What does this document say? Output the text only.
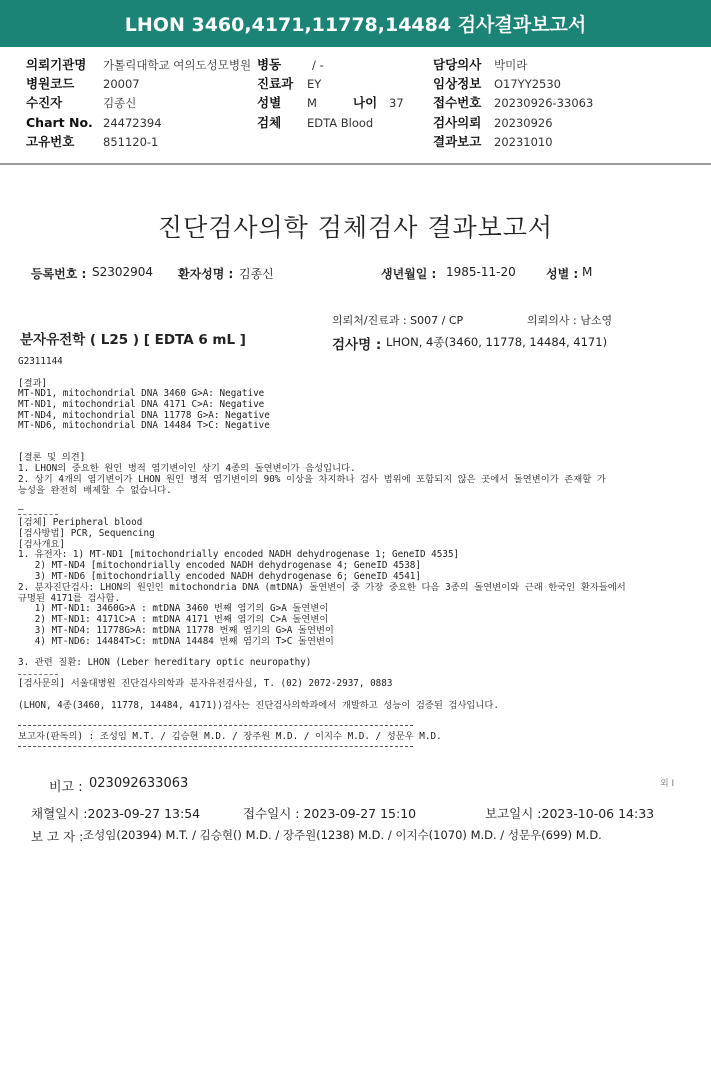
LHON 3460,4171,11778,14484 검사결과보고서
의뢰기관명 가톨릭대학교 여의도성모병원 병동	/ -	담당의사 박미라
병원코드 20007	진료과 EY	임상정보 O17YY2530
수진자	김종신	성별 M	나이 37 접수번호 20230926-33063
Chart No. 24472394	검체 EDTA Blood	검사의뢰 20230926
고유번호 851120-1	결과보고 20231010
진단검사의학 검체검사 결과보고서
등록번호 : S2302904 환자성명 : 김종신	생년월일 : 1985-11-20	성별 : M
의뢰처/진료과 : S007 / CP	의뢰의사 : 남소영
분자유전학 ( L25 ) [ EDTA 6 mL ]	검사명 : LHON, 4종(3460, 11778, 14484, 4171)
G2311144
[결과]
MT-ND1, mitochondrial DNA 3460 G>A: Negative
MT-ND1, mitochondrial DNA 4171 C>A: Negative
MT-ND4, mitochondrial DNA 11778 G>A: Negative
MT-ND6, mitochondrial DNA 14484 T>C: Negative
[결론 및 의견]
1. LHON의 중요한 원인 병적 염기변이인 상기 4종의 돌연변이가 음성입니다.
2. 상기 4개의 염기변이가 LHON 원인 병적 염기변이의 90% 이상을 차지하나 검사 범위에 포함되지 않은 곳에서 돌연변이가 존재할 가
능성을 완전히 배제할 수 없습니다.
—
[검체] Peripheral blood
[검사방법] PCR, Sequencing
[검사개요]
1. 유전자: 1) MT-ND1 [mitochondrially encoded NADH dehydrogenase 1; GeneID 4535]
2) MT-ND4 [mitochondrially encoded NADH dehydrogenase 4; GeneID 4538]
3) MT-ND6 [mitochondrially encoded NADH dehydrogenase 6; GeneID 4541]
2. 분자진단검사: LHON의 원인인 mitochondria DNA (mtDNA) 돌연변이 중 가장 중요한 다음 3종의 돌연변이와 근래 한국인 환자들에서
규명된 4171를 검사함.
1) MT-ND1: 3460G>A : mtDNA 3460 번째 염기의 G>A 돌연변이
2) MT-ND1: 4171C>A : mtDNA 4171 번째 염기의 C>A 돌연변이
3) MT-ND4: 11778G>A: mtDNA 11778 번째 염기의 G>A 돌연변이
4) MT-ND6: 14484T>C: mtDNA 14484 번째 염기의 T>C 돌연변이
3. 관련 질환: LHON (Leber hereditary optic neuropathy)
[검사문의] 서울대병원 진단검사의학과 분자유전검사실, T. (02) 2072-2937, 0883
(LHON, 4종(3460, 11778, 14484, 4171))검사는 진단검사의학과에서 개발하고 성능이 검증된 검사입니다.
보고자(판독의) : 조성임 M.T. / 김승현 M.D. / 장주원 M.D. / 이지수 M.D. / 성문우 M.D.
비고 : 023092633063	외 I
채혈일시 :2023-09-27 13:54	접수일시 : 2023-09-27 15:10	보고일시 :2023-10-06 14:33
보 고 자 : 조성임(20394) M.T. / 김승현() M.D. / 장주원(1238) M.D. / 이지수(1070) M.D. / 성문우(699) M.D.
